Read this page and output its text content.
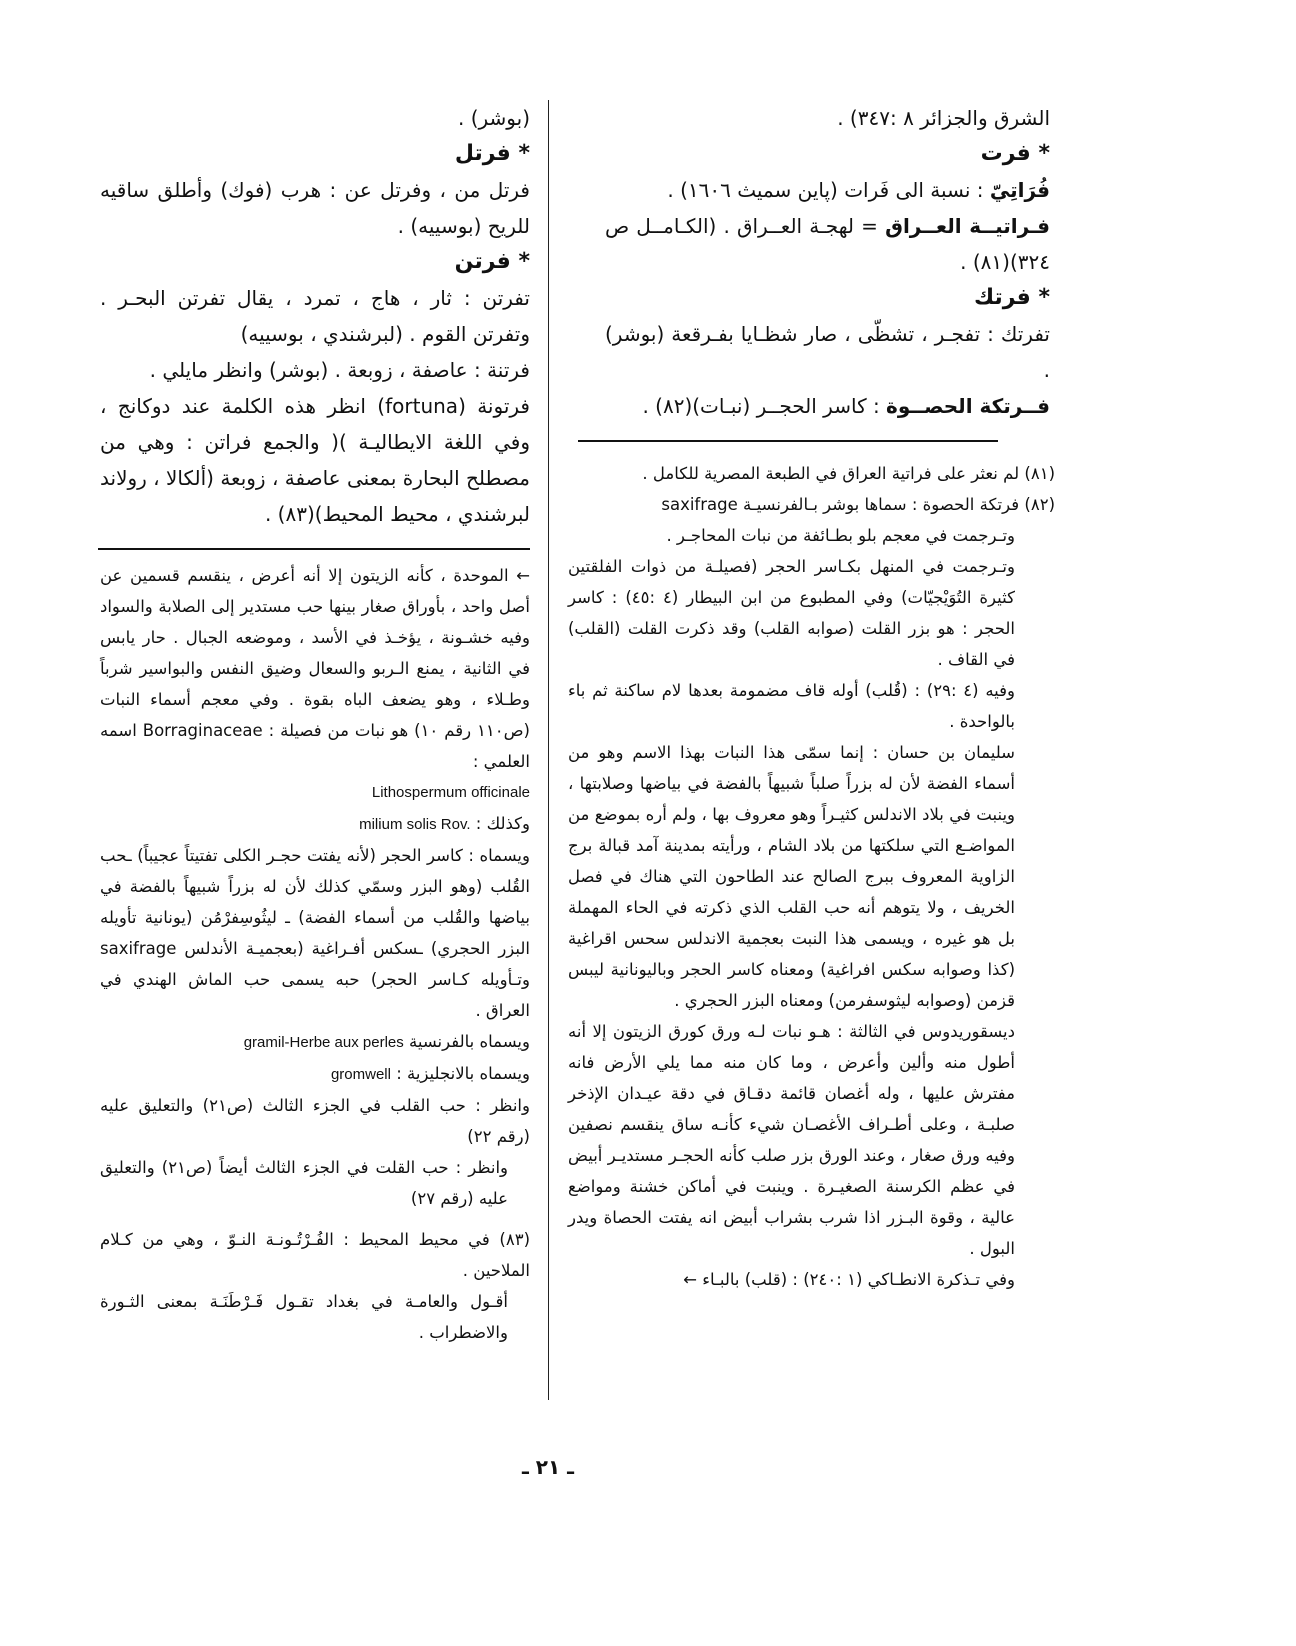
الشرق والجزائر ٨ :٣٤٧) .

* فرت

فُرَاتِيّ : نسبة الى فَرات (پاين سميث ١٦٠٦) .

فـراتيــة العــراق = لهجـة العــراق . (الكـامــل ص ٣٢٤)(٨١) .

* فرتك

تفرتك : تفجـر ، تشظّى ، صار شظـايا بفـرقعة (بوشر) .

فــرتكة الحصــوة : كاسر الحجــر (نبـات)(٨٢) .

(بوشر) .

* فرتل

فرتل من ، وفرتل عن : هرب (فوك) وأطلق ساقيه للريح (بوسييه) .

* فرتن

تفرتن : ثار ، هاج ، تمرد ، يقال تفرتن البحـر . وتفرتن القوم . (لبرشندي ، بوسييه)

فرتنة : عاصفة ، زوبعة . (بوشر) وانظر مايلي .

فرتونة (fortuna) انظر هذه الكلمة عند دوكانج ، وفي اللغة الايطاليـة )( والجمع فراتن : وهي من مصطلح البحارة بمعنى عاصفة ، زوبعة (ألكالا ، رولاند لبرشندي ، محيط المحيط)(٨٣) .

(٨١) لم نعثر على فراتية العراق في الطبعة المصرية للكامل .

(٨٢) فرتكة الحصوة : سماها بوشر بـالفرنسيـة saxifrage

وتـرجمت في معجم بلو بطـائفة من نبات المحاجـر .

وتـرجمت في المنهل بكـاسر الحجر (فصيلـة من ذوات الفلقتين كثيرة التُوَيْجيّات) وفي المطبوع من ابن البيطار (٤ :٤٥) : كاسر الحجر : هو بزر القلت (صوابه القلب) وقد ذكرت القلت (القلب) في القاف .

وفيه (٤ :٢٩) : (قُلب) أوله قاف مضمومة بعدها لام ساكنة ثم باء بالواحدة .

سليمان بن حسان : إنما سمّى هذا النبات بهذا الاسم وهو من أسماء الفضة لأن له بزراً صلباً شبيهاً بالفضة في بياضها وصلابتها ، وينبت في بلاد الاندلس كثيـراً وهو معروف بها ، ولم أره بموضع من المواضـع التي سلكتها من بلاد الشام ، ورأيته بمدينة آمد قبالة برج الزاوية المعروف ببرج الصالح عند الطاحون التي هناك في فصل الخريف ، ولا يتوهم أنه حب القلب الذي ذكرته في الحاء المهملة بل هو غيره ، ويسمى هذا النبت بعجمية الاندلس سحس اقراغية (كذا وصوابه سكس افراغية) ومعناه كاسر الحجر وباليونانية ليبس قزمن (وصوابه ليثوسفرمن) ومعناه البزر الحجري .

ديسقوريدوس في الثالثة : هـو نبات لـه ورق كورق الزيتون إلا أنه أطول منه وألين وأعرض ، وما كان منه مما يلي الأرض فانه مفترش عليها ، وله أغصان قائمة دقـاق في دقة عيـدان الإذخر صلبـة ، وعلى أطـراف الأغصـان شيء كأنـه ساق ينقسم نصفين وفيه ورق صغار ، وعند الورق بزر صلب كأنه الحجـر مستديـر أبيض في عظم الكرسنة الصغيـرة . وينبت في أماكن خشنة ومواضع عالية ، وقوة البـزر اذا شرب بشراب أبيض انه يفتت الحصاة ويدر البول .

وفي تـذكرة الانطـاكي (١ :٢٤٠) : (قلب) بالبـاء ←

← الموحدة ، كأنه الزيتون إلا أنه أعرض ، ينقسم قسمين عن أصل واحد ، بأوراق صغار بينها حب مستدير إلى الصلابة والسواد وفيه خشـونة ، يؤخـذ في الأسد ، وموضعه الجبال . حار يابس في الثانية ، يمنع الـربو والسعال وضيق النفس والبواسير شرباً وطـلاء ، وهو يضعف الباه بقوة . وفي معجم أسماء النبات (ص١١٠ رقم ١٠) هو نبات من فصيلة : Borraginaceae اسمه العلمي :

Lithospermum officinale

وكذلك : milium solis Rov.

ويسماه : كاسر الحجر (لأنه يفتت حجـر الكلى تفتيتاً عجيباً) ـحب القُلب (وهو البزر وسمّي كذلك لأن له بزراً شبيهاً بالفضة في بياضها والقُلب من أسماء الفضة) ـ ليثُوسِفرْمُن (يونانية تأويله البزر الحجري) ـسكس أفـراغية (بعجميـة الأندلس saxifrage وتـأويله كـاسر الحجر) حبه يسمى حب الماش الهندي في العراق .

ويسماه بالفرنسية gramil-Herbe aux perles

ويسماه بالانجليزية : gromwell

وانظر : حب القلب في الجزء الثالث (ص٢١) والتعليق عليه (رقم ٢٢)

وانظر : حب القلت في الجزء الثالث أيضاً (ص٢١) والتعليق عليه (رقم ٢٧)

(٨٣) في محيط المحيط : الفُـرْتُـونـة النـوّ ، وهي من كـلام الملاحين .

أقـول والعامـة في بغداد تقـول فَـرْطَنَـة بمعنى الثـورة والاضطراب .

ـ ٢١ ـ
